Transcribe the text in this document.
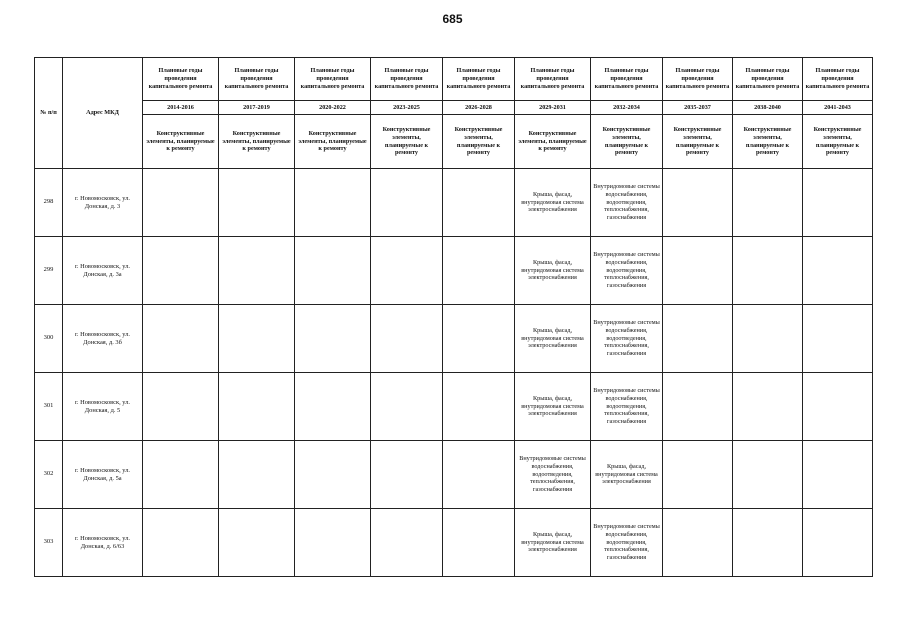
685
№ п/п	Адрес МКД	Плановые годы проведения капитального ремонта	Плановые годы проведения капитального ремонта	Плановые годы проведения капитального ремонта	Плановые годы проведения капитального ремонта	Плановые годы проведения капитального ремонта	Плановые годы проведения капитального ремонта	Плановые годы проведения капитального ремонта	Плановые годы проведения капитального ремонта	Плановые годы проведения капитального ремонта	Плановые годы проведения капитального ремонта
		2014-2016	2017-2019	2020-2022	2023-2025	2026-2028	2029-2031	2032-2034	2035-2037	2038-2040	2041-2043
		Конструктивные элементы, планируемые к ремонту	Конструктивные элементы, планируемые к ремонту	Конструктивные элементы, планируемые к ремонту	Конструктивные элементы, планируемые к ремонту	Конструктивные элементы, планируемые к ремонту	Конструктивные элементы, планируемые к ремонту	Конструктивные элементы, планируемые к ремонту	Конструктивные элементы, планируемые к ремонту	Конструктивные элементы, планируемые к ремонту	Конструктивные элементы, планируемые к ремонту
298	г. Новомосковск, ул. Донская, д. 3						Крыша, фасад, внутридомовая система электроснабжения	Внутридомовые системы водоснабжения, водоотведения, теплоснабжения, газоснабжения			
299	г. Новомосковск, ул. Донская, д. 3а						Крыша, фасад, внутридомовая система электроснабжения	Внутридомовые системы водоснабжения, водоотведения, теплоснабжения, газоснабжения			
300	г. Новомосковск, ул. Донская, д. 3б						Крыша, фасад, внутридомовая система электроснабжения	Внутридомовые системы водоснабжения, водоотведения, теплоснабжения, газоснабжения			
301	г. Новомосковск, ул. Донская, д. 5						Крыша, фасад, внутридомовая система электроснабжения	Внутридомовые системы водоснабжения, водоотведения, теплоснабжения, газоснабжения			
302	г. Новомосковск, ул. Донская, д. 5а						Внутридомовые системы водоснабжения, водоотведения, теплоснабжения, газоснабжения	Крыша, фасад, внутридомовая система электроснабжения			
303	г. Новомосковск, ул. Донская, д. 6/63						Крыша, фасад, внутридомовая система электроснабжения	Внутридомовые системы водоснабжения, водоотведения, теплоснабжения, газоснабжения			
